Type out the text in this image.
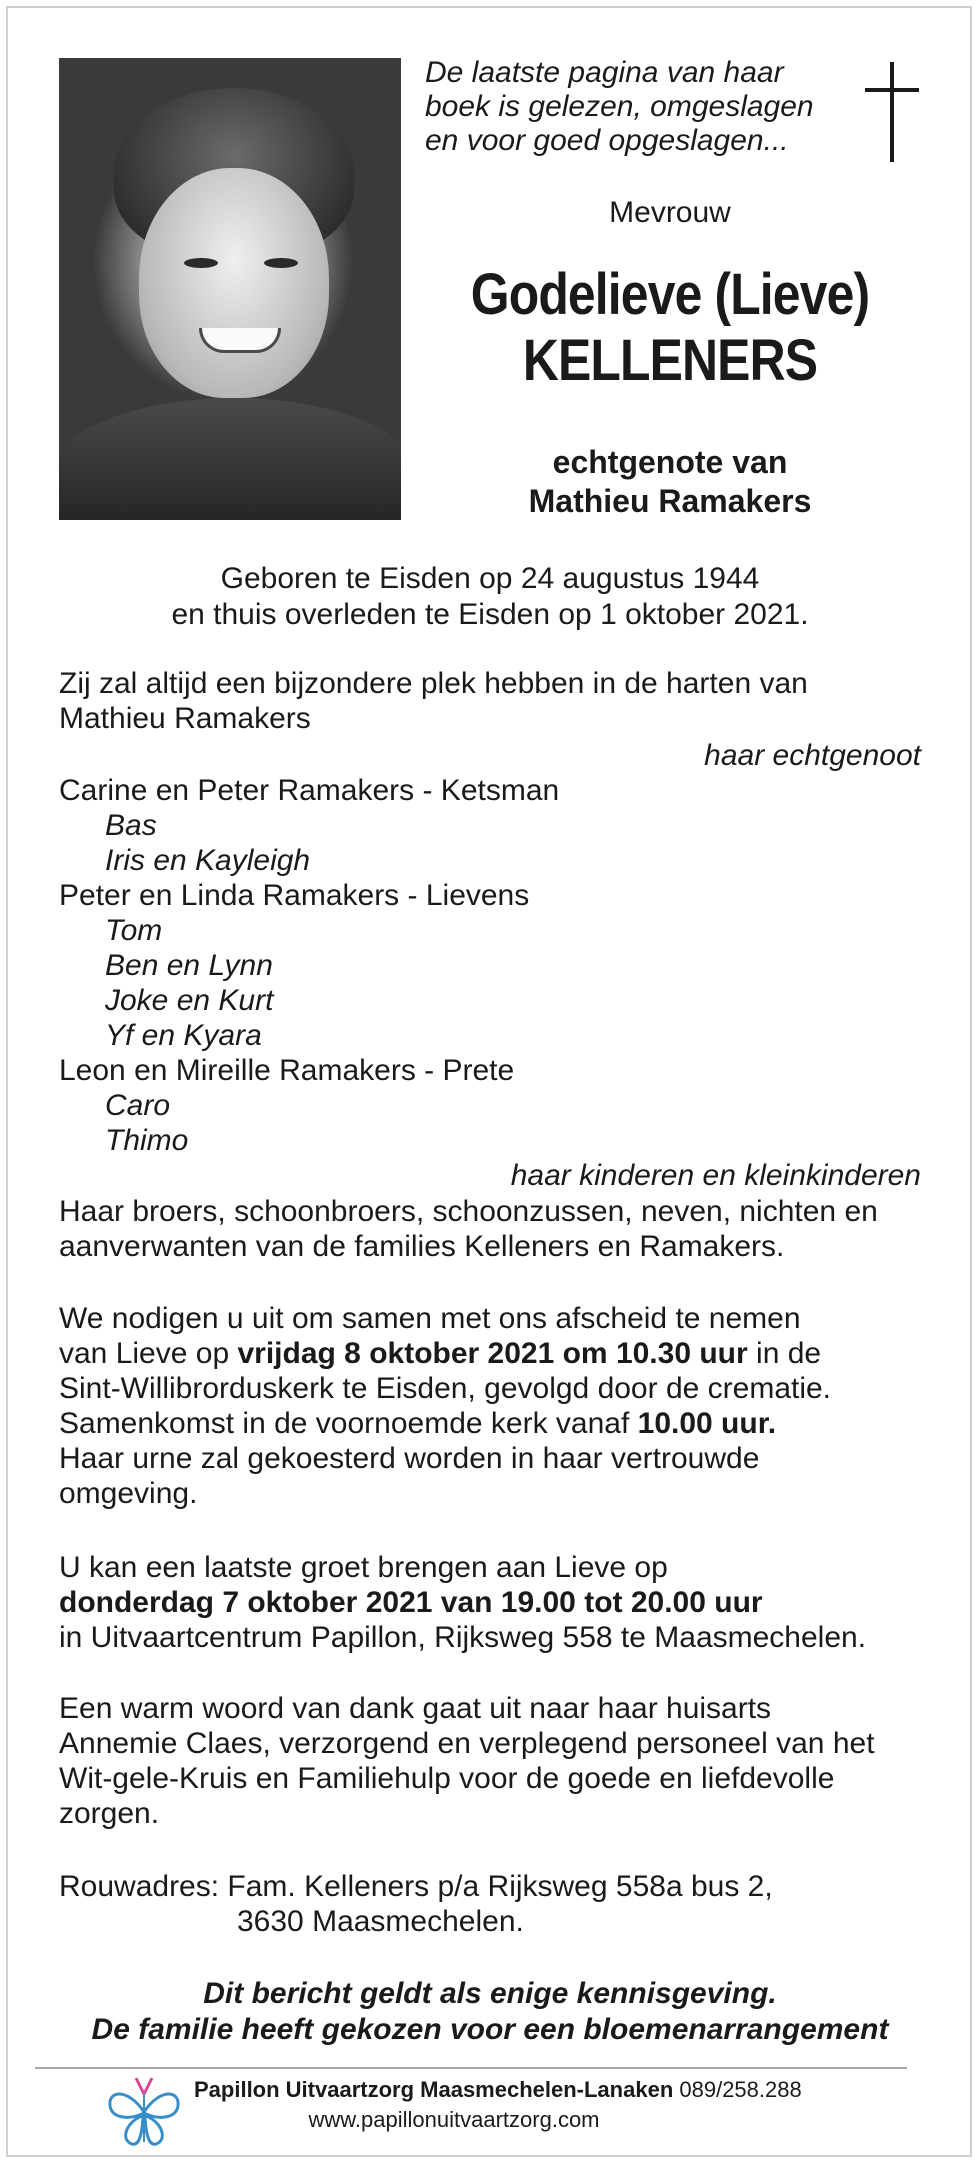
De laatste pagina van haar
boek is gelezen, omgeslagen
en voor goed opgeslagen...
Mevrouw
Godelieve (Lieve)
KELLENERS
echtgenote van
Mathieu Ramakers
Geboren te Eisden op 24 augustus 1944
en thuis overleden te Eisden op 1 oktober 2021.
Zij zal altijd een bijzondere plek hebben in de harten van
Mathieu Ramakers
haar echtgenoot
Carine en Peter Ramakers - Ketsman
Bas
Iris en Kayleigh
Peter en Linda Ramakers - Lievens
Tom
Ben en Lynn
Joke en Kurt
Yf en Kyara
Leon en Mireille Ramakers - Prete
Caro
Thimo
haar kinderen en kleinkinderen
Haar broers, schoonbroers, schoonzussen, neven, nichten en
aanverwanten van de families Kelleners en Ramakers.
We nodigen u uit om samen met ons afscheid te nemen
van Lieve op vrijdag 8 oktober 2021 om 10.30 uur in de
Sint-Willibrorduskerk te Eisden, gevolgd door de crematie.
Samenkomst in de voornoemde kerk vanaf 10.00 uur.
Haar urne zal gekoesterd worden in haar vertrouwde
omgeving.
U kan een laatste groet brengen aan Lieve op
donderdag 7 oktober 2021 van 19.00 tot 20.00 uur
in Uitvaartcentrum Papillon, Rijksweg 558 te Maasmechelen.
Een warm woord van dank gaat uit naar haar huisarts
Annemie Claes, verzorgend en verplegend personeel van het
Wit-gele-Kruis en Familiehulp voor de goede en liefdevolle
zorgen.
Rouwadres: Fam. Kelleners p/a Rijksweg 558a bus 2,
3630 Maasmechelen.
Dit bericht geldt als enige kennisgeving.
De familie heeft gekozen voor een bloemenarrangement
Papillon Uitvaartzorg Maasmechelen-Lanaken 089/258.288
www.papillonuitvaartzorg.com
